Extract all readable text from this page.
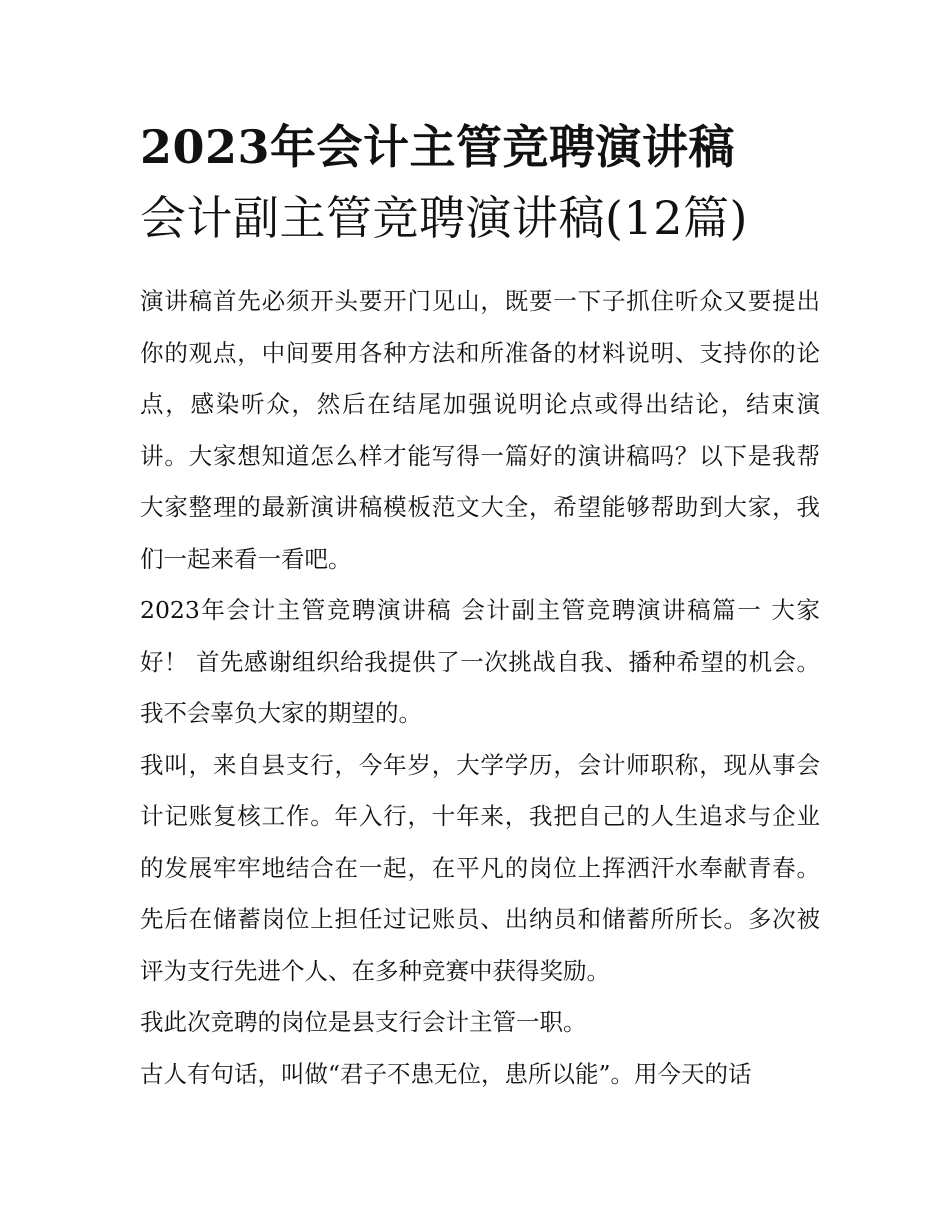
2023年会计主管竞聘演讲稿
会计副主管竞聘演讲稿(12篇)

演讲稿首先必须开头要开门见山，既要一下子抓住听众又要提出你的观点，中间要用各种方法和所准备的材料说明、支持你的论点，感染听众，然后在结尾加强说明论点或得出结论，结束演讲。大家想知道怎么样才能写得一篇好的演讲稿吗？以下是我帮大家整理的最新演讲稿模板范文大全，希望能够帮助到大家，我们一起来看一看吧。

2023年会计主管竞聘演讲稿 会计副主管竞聘演讲稿篇一 大家好！ 首先感谢组织给我提供了一次挑战自我、播种希望的机会。我不会辜负大家的期望的。

我叫，来自县支行，今年岁，大学学历，会计师职称，现从事会计记账复核工作。年入行，十年来，我把自己的人生追求与企业的发展牢牢地结合在一起，在平凡的岗位上挥洒汗水奉献青春。先后在储蓄岗位上担任过记账员、出纳员和储蓄所所长。多次被评为支行先进个人、在多种竞赛中获得奖励。

我此次竞聘的岗位是县支行会计主管一职。

古人有句话，叫做“君子不患无位，患所以能”。用今天的话
